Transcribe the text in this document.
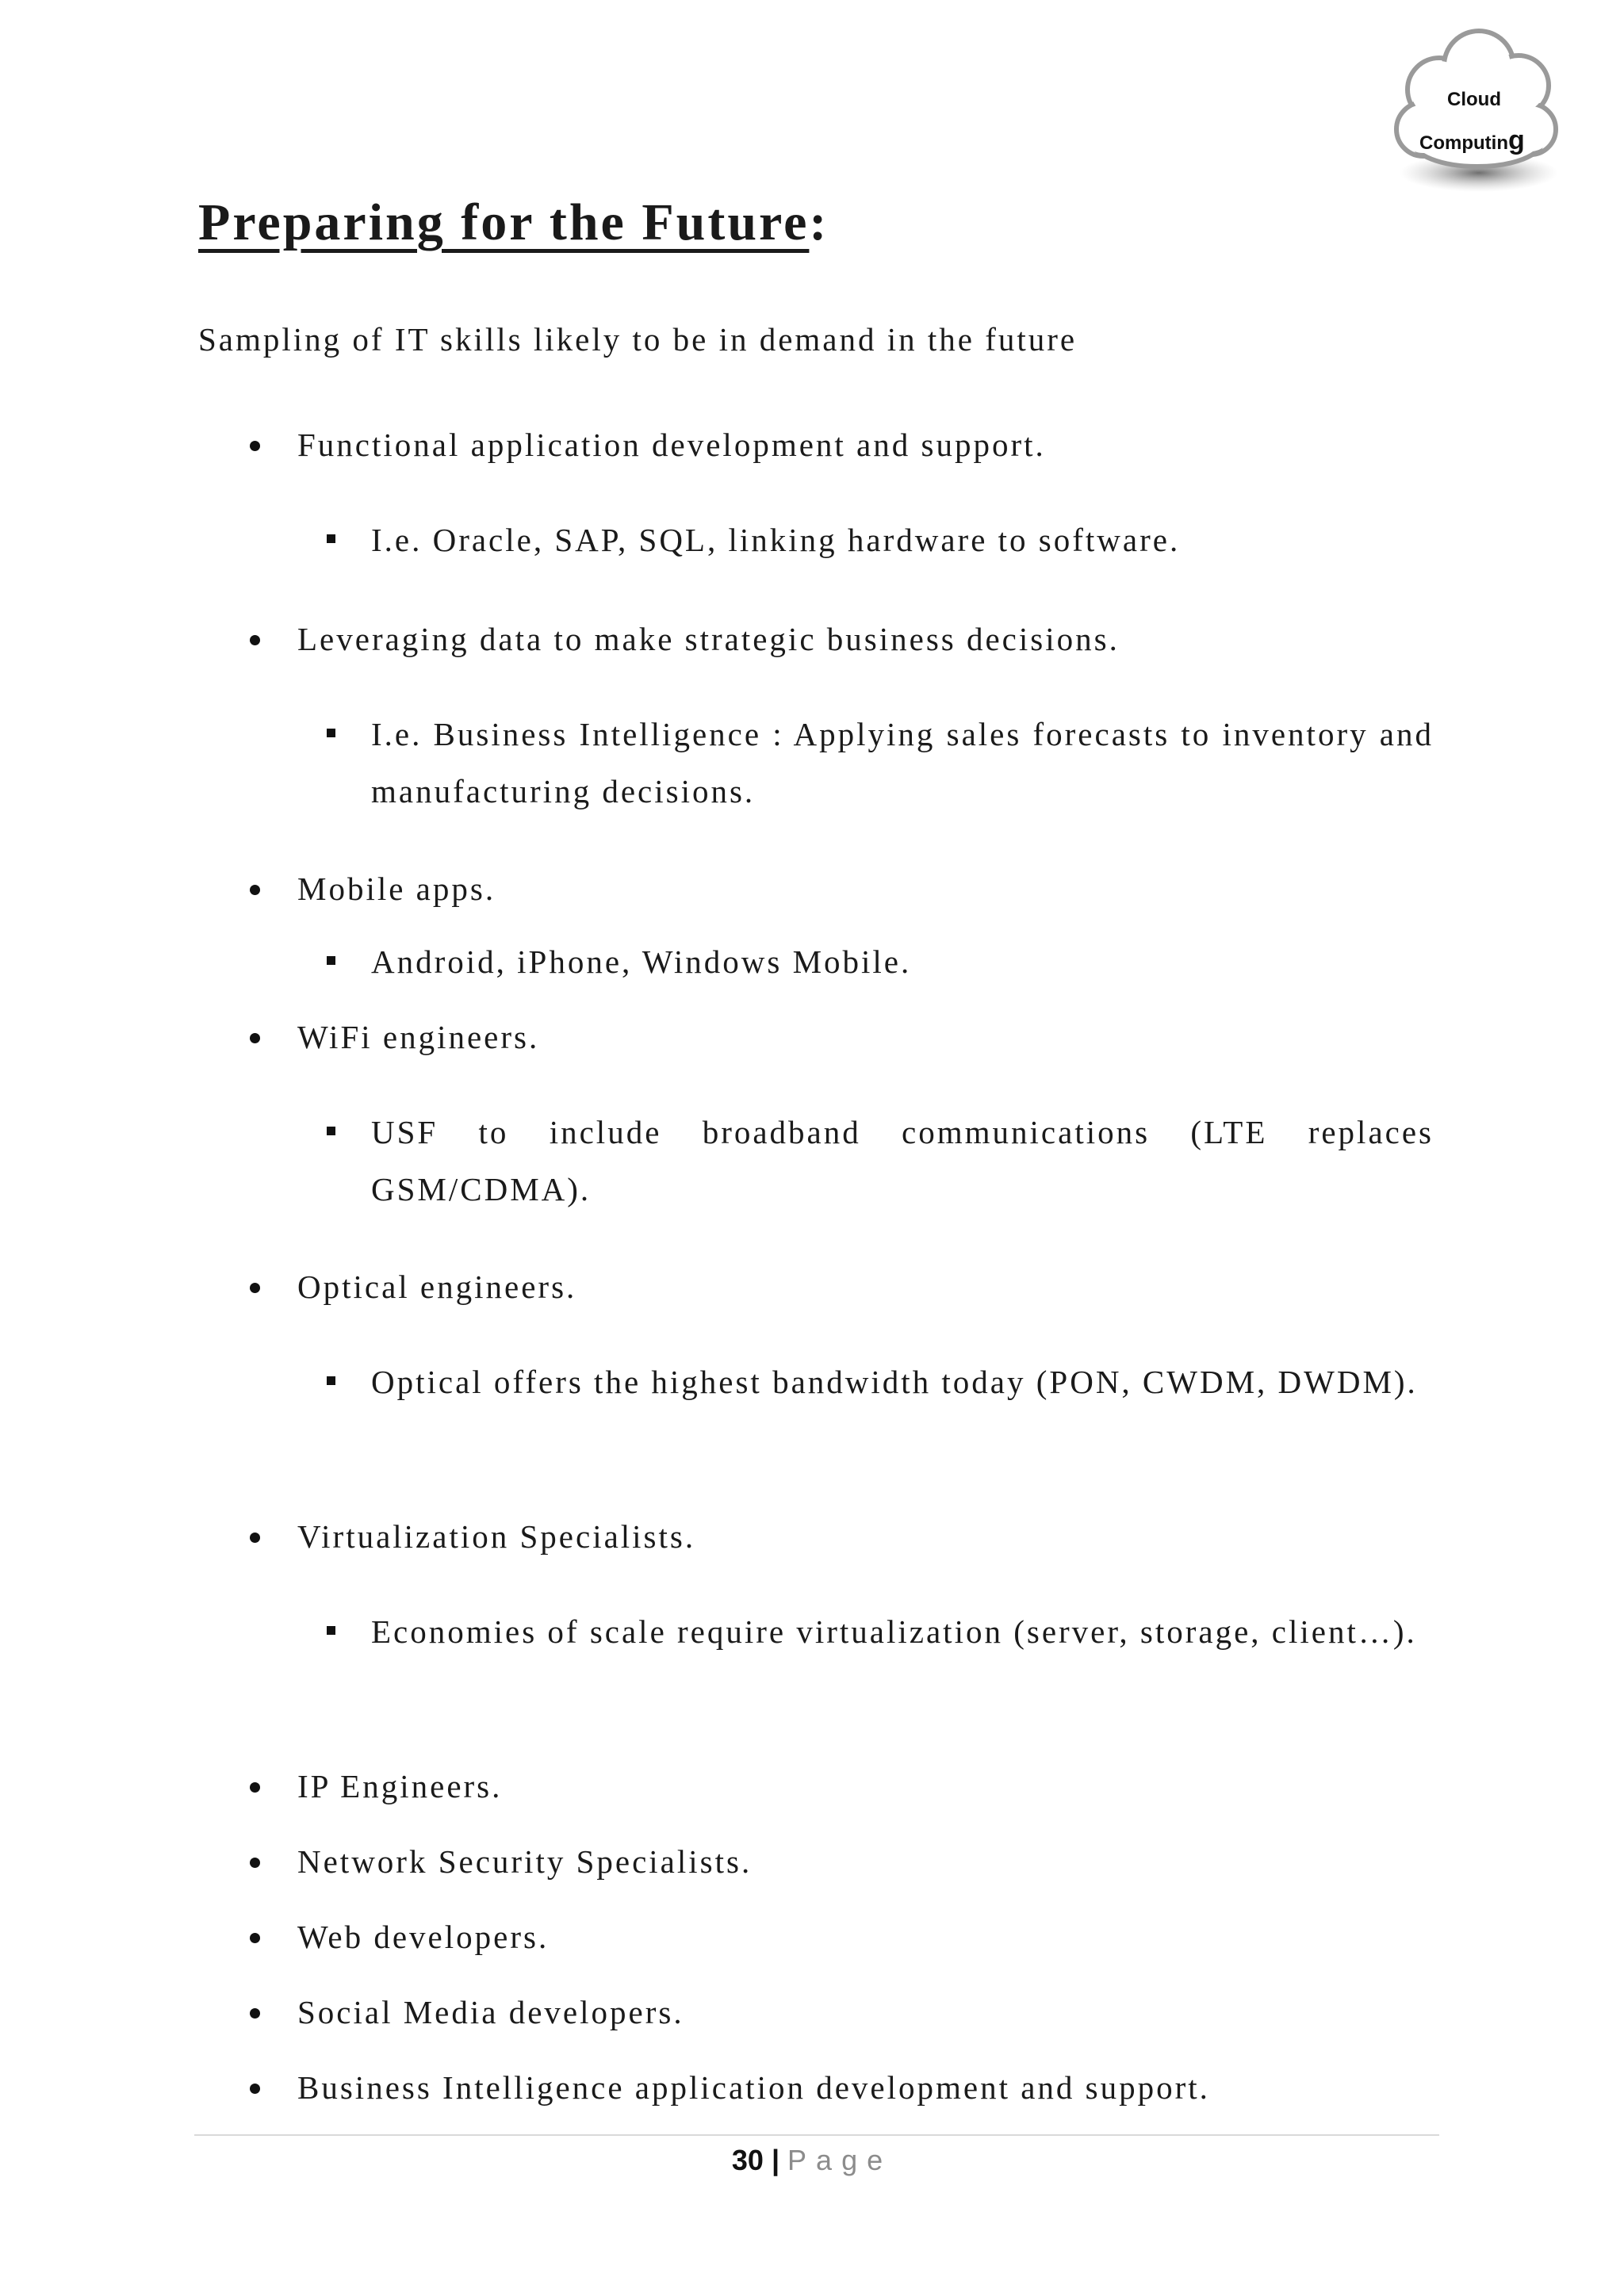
Cloud
Computing
Preparing for the Future:

Sampling of IT skills likely to be in demand in the future

Functional application development and support.
I.e. Oracle, SAP, SQL, linking hardware to software.
Leveraging data to make strategic business decisions.
I.e. Business Intelligence : Applying sales forecasts to inventory and manufacturing decisions.
Mobile apps.
Android, iPhone, Windows Mobile.
WiFi engineers.
USF to include broadband communications (LTE replaces GSM/CDMA).
Optical engineers.
Optical offers the highest bandwidth today (PON, CWDM, DWDM).
Virtualization Specialists.
Economies of scale require virtualization (server, storage, client…).
IP Engineers.
Network Security Specialists.
Web developers.
Social Media developers.
Business Intelligence application development and support.
30 | Page
